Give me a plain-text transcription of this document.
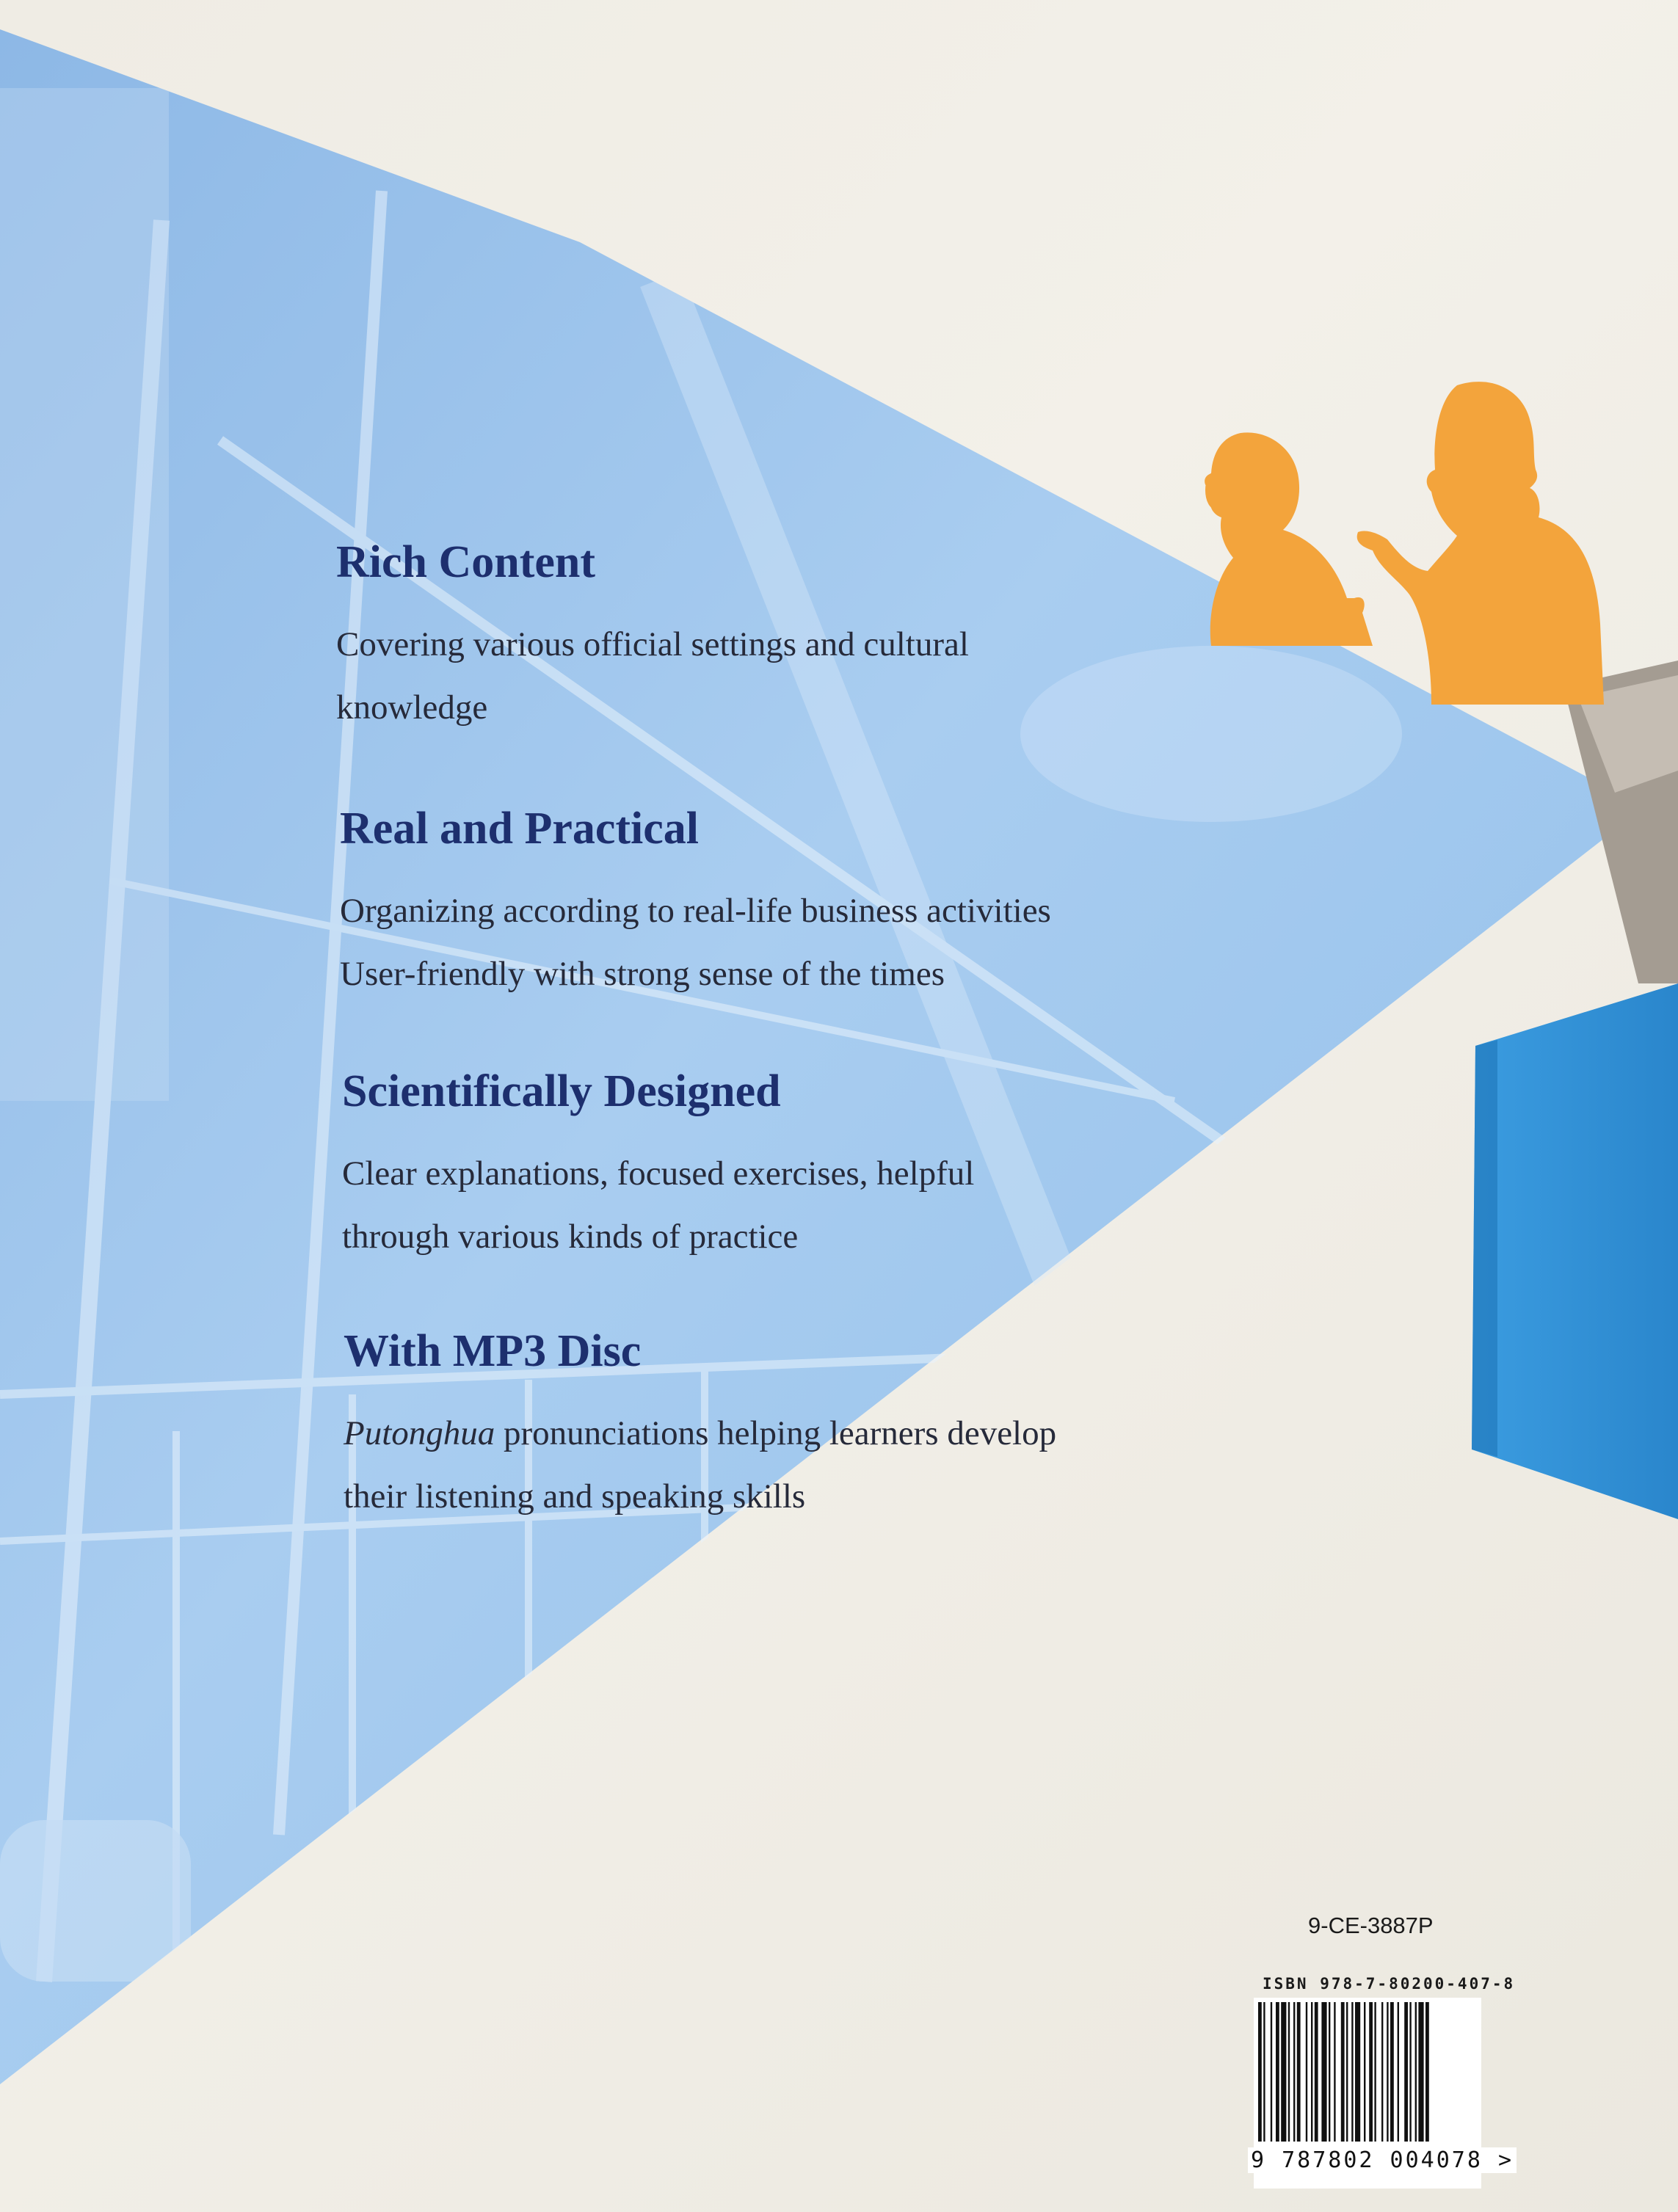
Rich Content

Covering various official settings and cultural
knowledge

Real and Practical

Organizing according to real-life business activities
User-friendly with strong sense of the times

Scientifically Designed

Clear explanations, focused exercises, helpful
through various kinds of practice

With MP3 Disc

Putonghua pronunciations helping learners develop
their listening and speaking skills

9-CE-3887P
ISBN 978-7-80200-407-8
9 787802 004078 >
